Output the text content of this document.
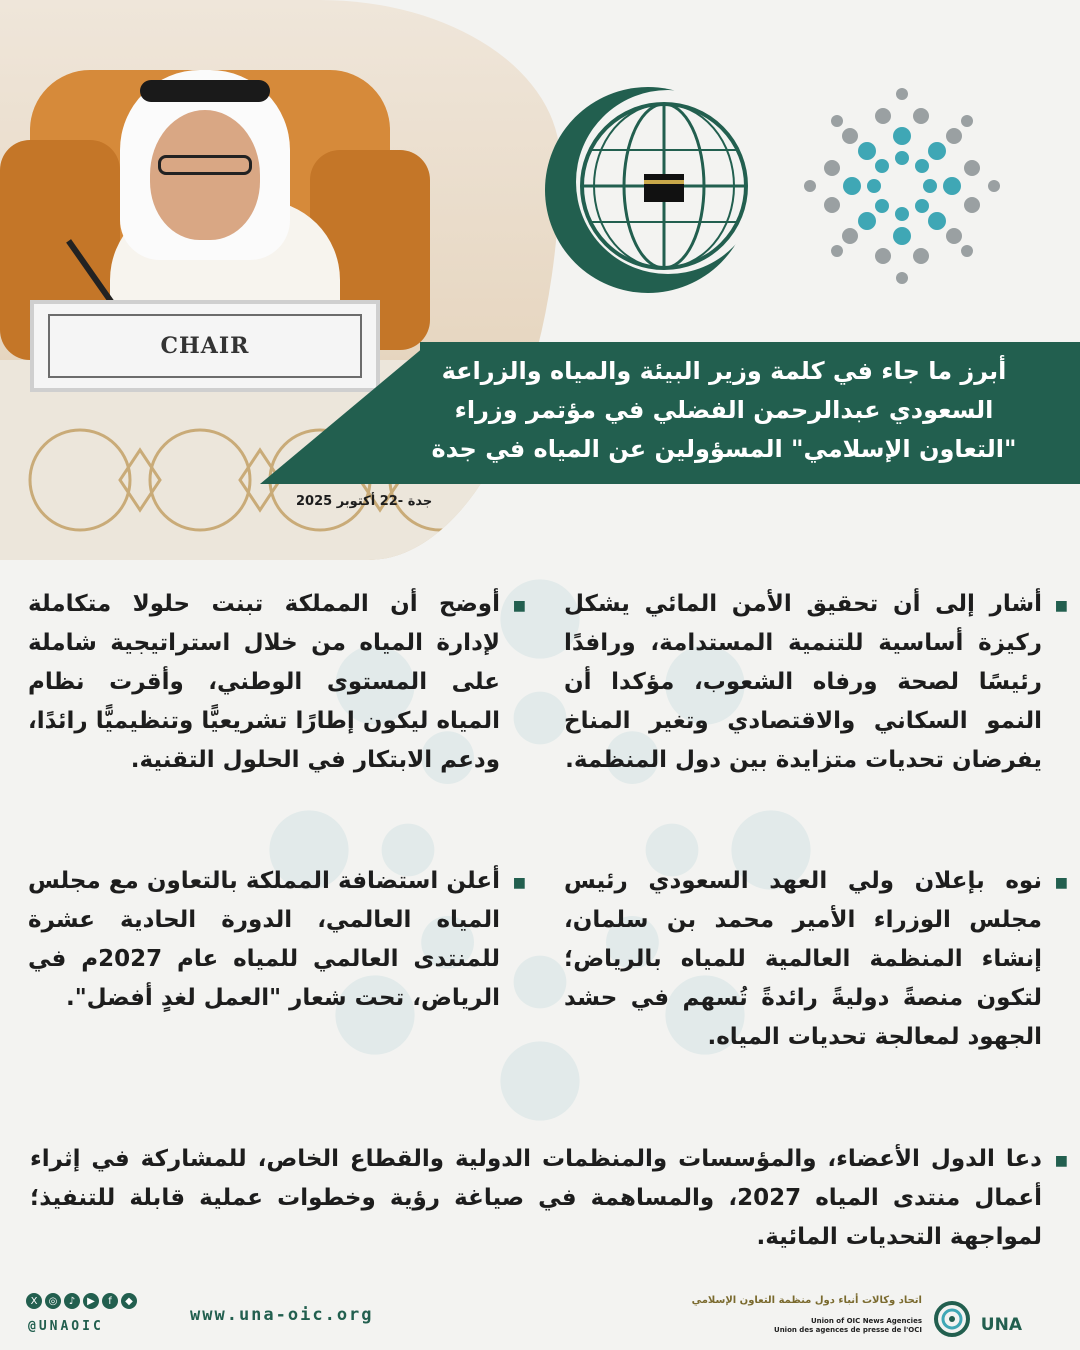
CHAIR
أبرز ما جاء في كلمة وزير البيئة والمياه والزراعة السعودي عبدالرحمن الفضلي في مؤتمر وزراء "التعاون الإسلامي" المسؤولين عن المياه في جدة
جدة -22 أكتوبر 2025
■
أشار إلى أن تحقيق الأمن المائي يشكل ركيزة أساسية للتنمية المستدامة، ورافدًا رئيسًا لصحة ورفاه الشعوب، مؤكدا أن النمو السكاني والاقتصادي وتغير المناخ يفرضان تحديات متزايدة بين دول المنظمة.
■
أوضح أن المملكة تبنت حلولا متكاملة لإدارة المياه من خلال استراتيجية شاملة على المستوى الوطني، وأقرت نظام المياه ليكون إطارًا تشريعيًّا وتنظيميًّا رائدًا، ودعم الابتكار في الحلول التقنية.
■
نوه بإعلان ولي العهد السعودي رئيس مجلس الوزراء الأمير محمد بن سلمان، إنشاء المنظمة العالمية للمياه بالرياض؛ لتكون منصةً دوليةً رائدةً تُسهم في حشد الجهود لمعالجة تحديات المياه.
■
أعلن استضافة المملكة بالتعاون مع مجلس المياه العالمي، الدورة الحادية عشرة للمنتدى العالمي للمياه عام 2027م في الرياض، تحت شعار "العمل لغدٍ أفضل".
■
دعا الدول الأعضاء، والمؤسسات والمنظمات الدولية والقطاع الخاص، للمشاركة في إثراء أعمال منتدى المياه 2027، والمساهمة في صياغة رؤية وخطوات عملية قابلة للتنفيذ؛ لمواجهة التحديات المائية.
X	◎	♪	▶	f	◆
@UNAOIC
www.una-oic.org
اتحاد وكالات أنباء دول منظمة التعاون الإسلامي
Union of OIC News Agencies
Union des agences de presse de l'OCI	UNA
